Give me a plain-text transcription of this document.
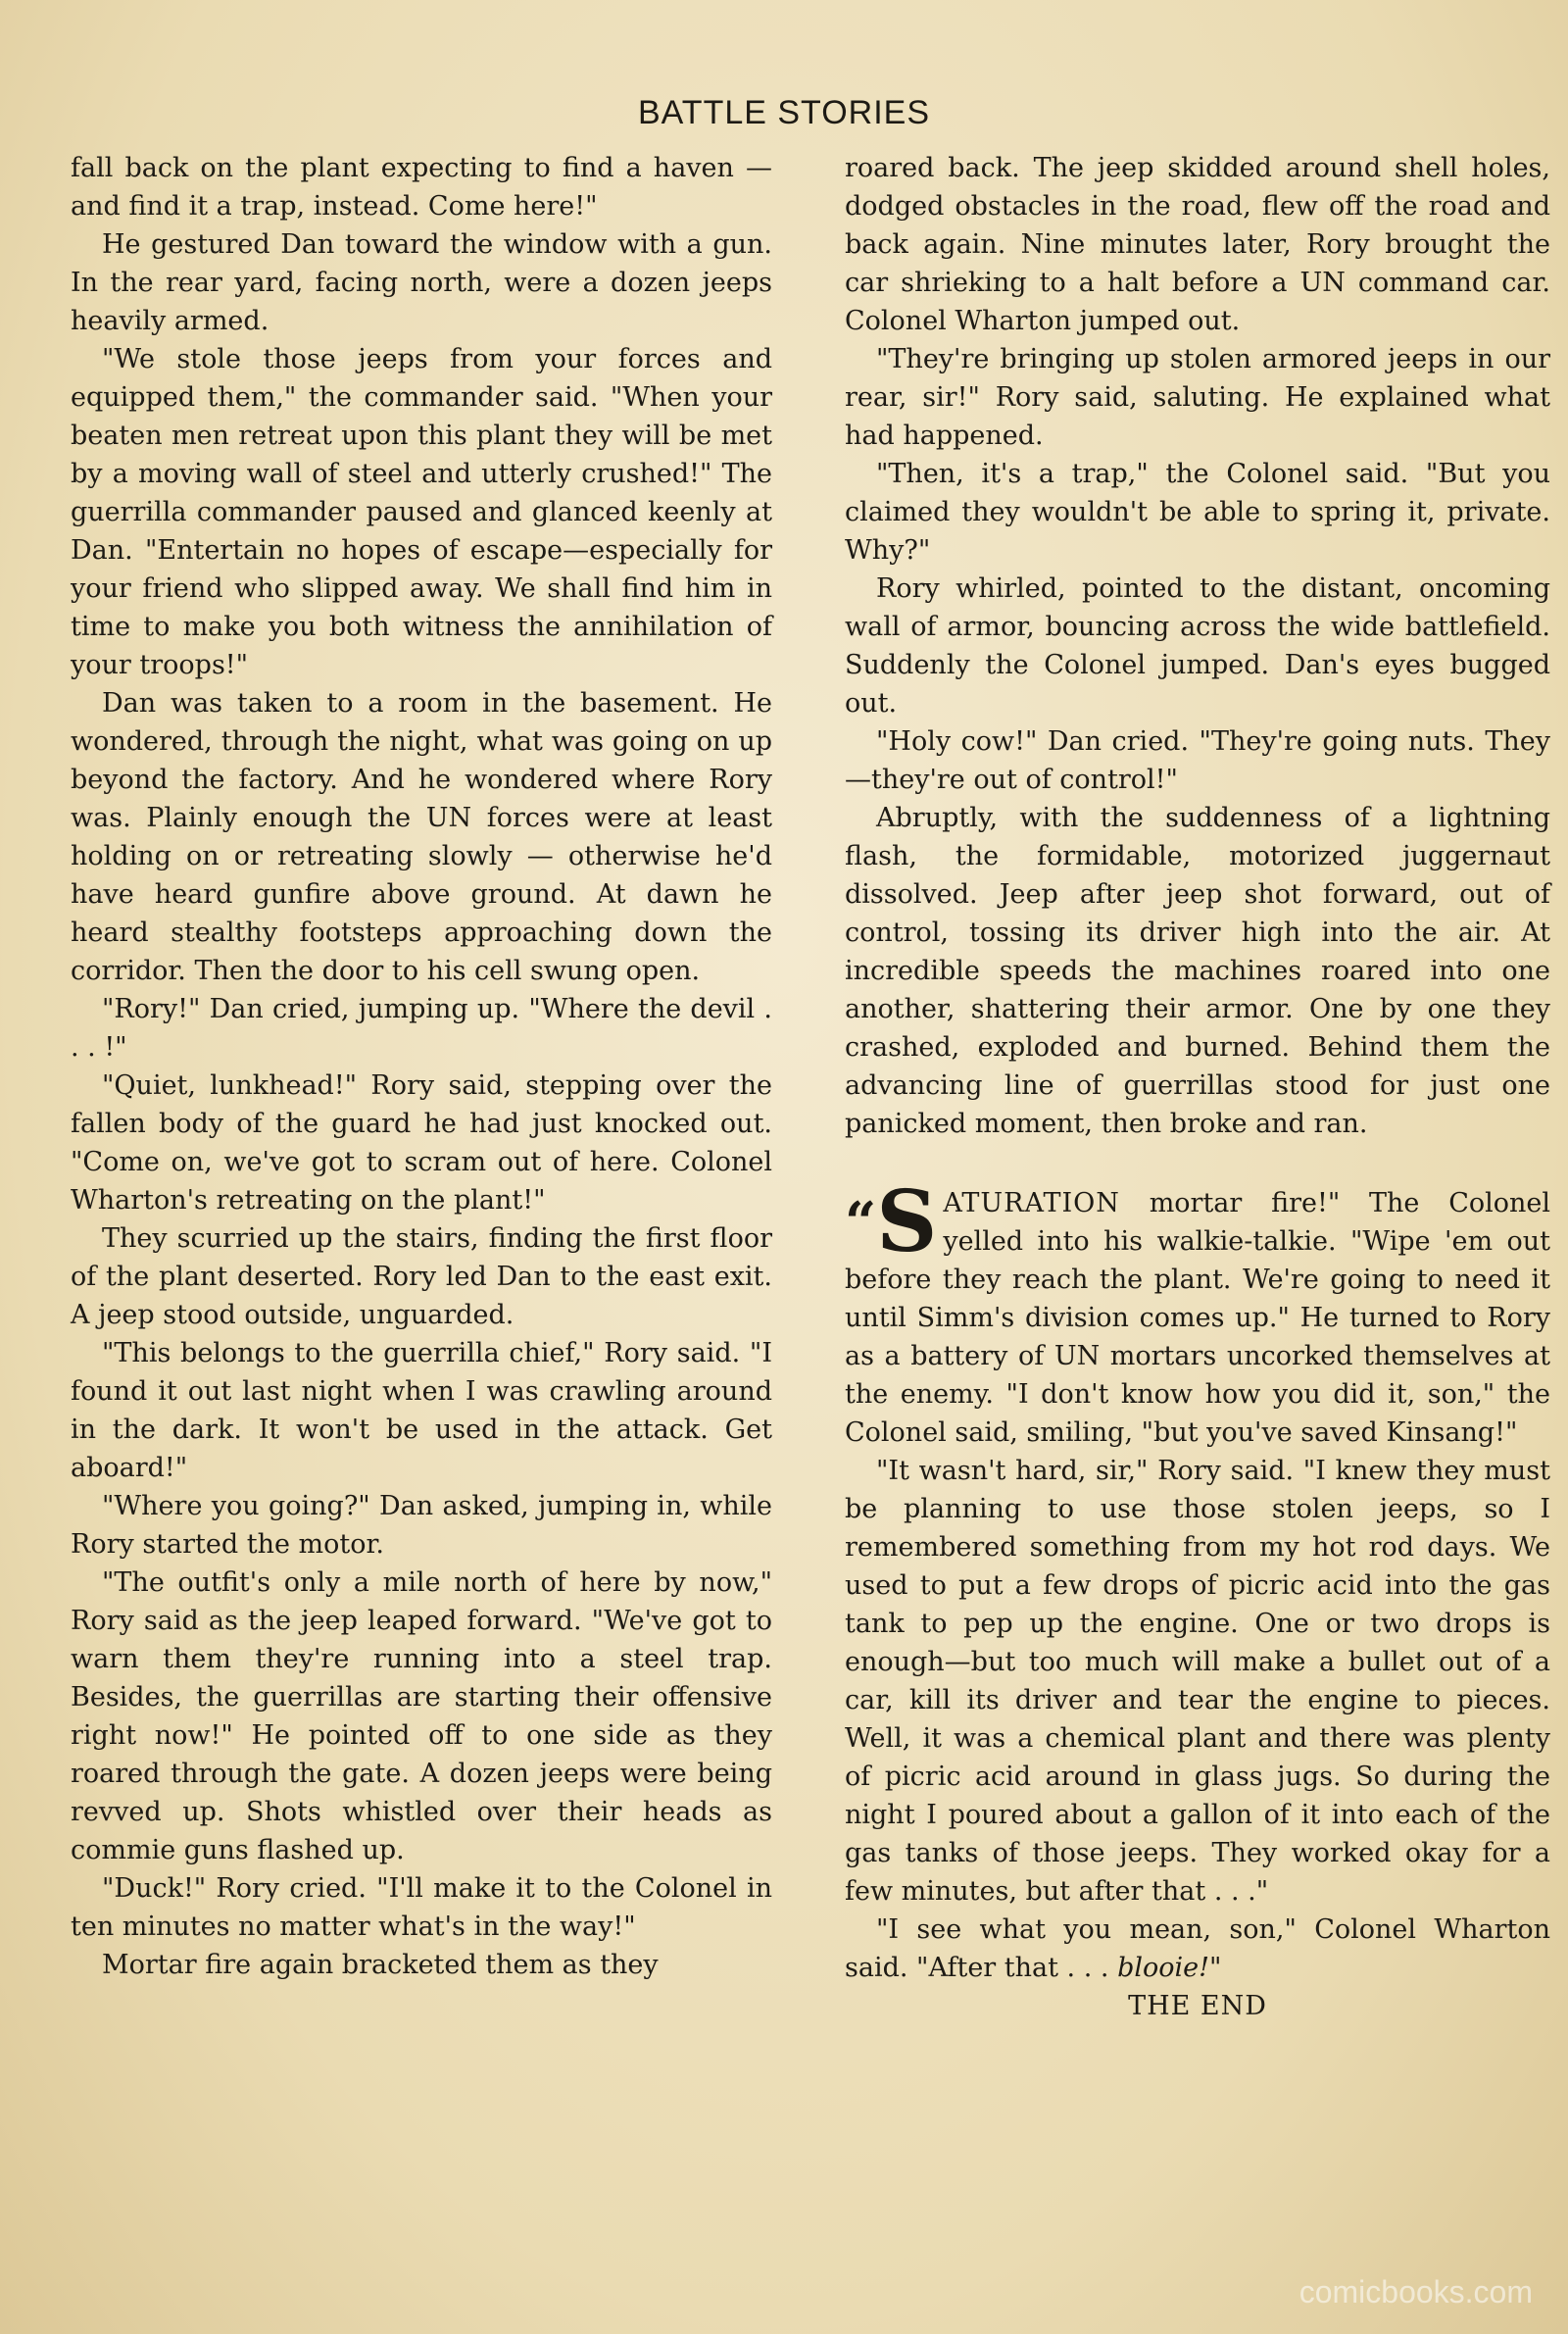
BATTLE STORIES

fall back on the plant expecting to find a haven —and find it a trap, instead. Come here!"

He gestured Dan toward the window with a gun. In the rear yard, facing north, were a dozen jeeps heavily armed.

"We stole those jeeps from your forces and equipped them," the commander said. "When your beaten men retreat upon this plant they will be met by a moving wall of steel and utterly crushed!" The guerrilla commander paused and glanced keenly at Dan. "Entertain no hopes of escape—especially for your friend who slipped away. We shall find him in time to make you both witness the annihilation of your troops!"

Dan was taken to a room in the basement. He wondered, through the night, what was going on up beyond the factory. And he wondered where Rory was. Plainly enough the UN forces were at least holding on or retreating slowly — otherwise he'd have heard gunfire above ground. At dawn he heard stealthy footsteps approaching down the corridor. Then the door to his cell swung open.

"Rory!" Dan cried, jumping up. "Where the devil . . . !"

"Quiet, lunkhead!" Rory said, stepping over the fallen body of the guard he had just knocked out. "Come on, we've got to scram out of here. Colonel Wharton's retreating on the plant!"

They scurried up the stairs, finding the first floor of the plant deserted. Rory led Dan to the east exit. A jeep stood outside, unguarded.

"This belongs to the guerrilla chief," Rory said. "I found it out last night when I was crawling around in the dark. It won't be used in the attack. Get aboard!"

"Where you going?" Dan asked, jumping in, while Rory started the motor.

"The outfit's only a mile north of here by now," Rory said as the jeep leaped forward. "We've got to warn them they're running into a steel trap. Besides, the guerrillas are starting their offensive right now!" He pointed off to one side as they roared through the gate. A dozen jeeps were being revved up. Shots whistled over their heads as commie guns flashed up.

"Duck!" Rory cried. "I'll make it to the Colonel in ten minutes no matter what's in the way!"

Mortar fire again bracketed them as they

roared back. The jeep skidded around shell holes, dodged obstacles in the road, flew off the road and back again. Nine minutes later, Rory brought the car shrieking to a halt before a UN command car. Colonel Wharton jumped out.

"They're bringing up stolen armored jeeps in our rear, sir!" Rory said, saluting. He explained what had happened.

"Then, it's a trap," the Colonel said. "But you claimed they wouldn't be able to spring it, private. Why?"

Rory whirled, pointed to the distant, oncoming wall of armor, bouncing across the wide battlefield. Suddenly the Colonel jumped. Dan's eyes bugged out.

"Holy cow!" Dan cried. "They're going nuts. They—they're out of control!"

Abruptly, with the suddenness of a lightning flash, the formidable, motorized juggernaut dissolved. Jeep after jeep shot forward, out of control, tossing its driver high into the air. At incredible speeds the machines roared into one another, shattering their armor. One by one they crashed, exploded and burned. Behind them the advancing line of guerrillas stood for just one panicked moment, then broke and ran.

“S ATURATION mortar fire!" The Colonel yelled into his walkie-talkie. "Wipe 'em out before they reach the plant. We're going to need it until Simm's division comes up." He turned to Rory as a battery of UN mortars uncorked themselves at the enemy. "I don't know how you did it, son," the Colonel said, smiling, "but you've saved Kinsang!"

"It wasn't hard, sir," Rory said. "I knew they must be planning to use those stolen jeeps, so I remembered something from my hot rod days. We used to put a few drops of picric acid into the gas tank to pep up the engine. One or two drops is enough—but too much will make a bullet out of a car, kill its driver and tear the engine to pieces. Well, it was a chemical plant and there was plenty of picric acid around in glass jugs. So during the night I poured about a gallon of it into each of the gas tanks of those jeeps. They worked okay for a few minutes, but after that . . ."

"I see what you mean, son," Colonel Wharton said. "After that . . . blooie!"

THE END

comicbooks.com
